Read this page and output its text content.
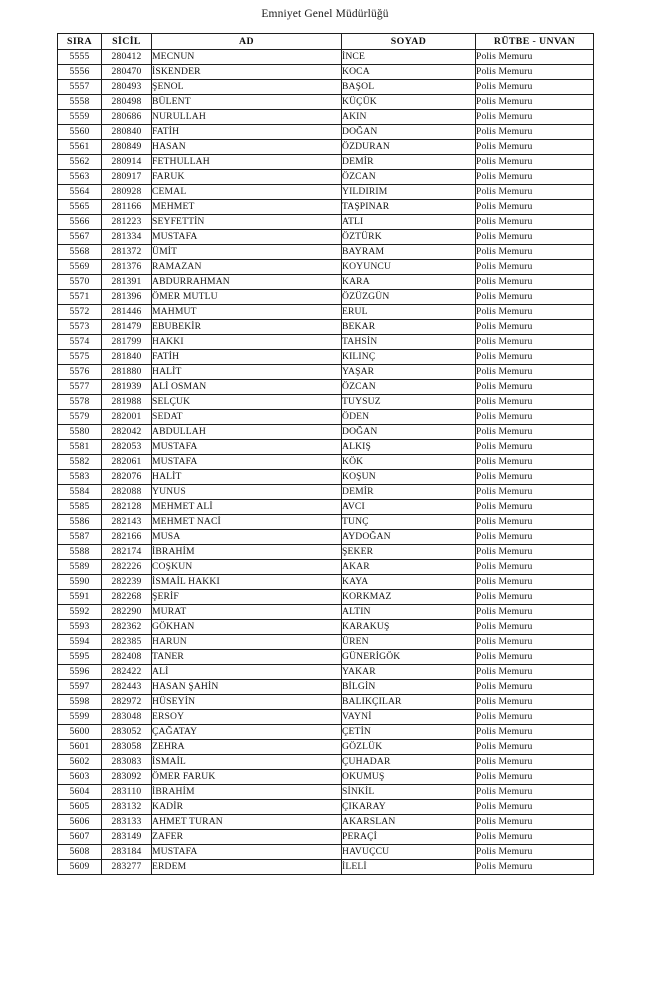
Emniyet Genel Müdürlüğü
SIRA	SİCİL	AD	SOYAD	RÜTBE - UNVAN
5555	280412	MECNUN	İNCE	Polis Memuru
5556	280470	İSKENDER	KOCA	Polis Memuru
5557	280493	ŞENOL	BAŞOL	Polis Memuru
5558	280498	BÜLENT	KÜÇÜK	Polis Memuru
5559	280686	NURULLAH	AKIN	Polis Memuru
5560	280840	FATİH	DOĞAN	Polis Memuru
5561	280849	HASAN	ÖZDURAN	Polis Memuru
5562	280914	FETHULLAH	DEMİR	Polis Memuru
5563	280917	FARUK	ÖZCAN	Polis Memuru
5564	280928	CEMAL	YILDIRIM	Polis Memuru
5565	281166	MEHMET	TAŞPINAR	Polis Memuru
5566	281223	SEYFETTİN	ATLI	Polis Memuru
5567	281334	MUSTAFA	ÖZTÜRK	Polis Memuru
5568	281372	ÜMİT	BAYRAM	Polis Memuru
5569	281376	RAMAZAN	KOYUNCU	Polis Memuru
5570	281391	ABDURRAHMAN	KARA	Polis Memuru
5571	281396	ÖMER MUTLU	ÖZÜZGÜN	Polis Memuru
5572	281446	MAHMUT	ERUL	Polis Memuru
5573	281479	EBUBEKİR	BEKAR	Polis Memuru
5574	281799	HAKKI	TAHSİN	Polis Memuru
5575	281840	FATİH	KILINÇ	Polis Memuru
5576	281880	HALİT	YAŞAR	Polis Memuru
5577	281939	ALİ OSMAN	ÖZCAN	Polis Memuru
5578	281988	SELÇUK	TUYSUZ	Polis Memuru
5579	282001	SEDAT	ÖDEN	Polis Memuru
5580	282042	ABDULLAH	DOĞAN	Polis Memuru
5581	282053	MUSTAFA	ALKIŞ	Polis Memuru
5582	282061	MUSTAFA	KÖK	Polis Memuru
5583	282076	HALİT	KOŞUN	Polis Memuru
5584	282088	YUNUS	DEMİR	Polis Memuru
5585	282128	MEHMET ALİ	AVCI	Polis Memuru
5586	282143	MEHMET NACİ	TUNÇ	Polis Memuru
5587	282166	MUSA	AYDOĞAN	Polis Memuru
5588	282174	İBRAHİM	ŞEKER	Polis Memuru
5589	282226	COŞKUN	AKAR	Polis Memuru
5590	282239	İSMAİL HAKKI	KAYA	Polis Memuru
5591	282268	ŞERİF	KORKMAZ	Polis Memuru
5592	282290	MURAT	ALTIN	Polis Memuru
5593	282362	GÖKHAN	KARAKUŞ	Polis Memuru
5594	282385	HARUN	ÜREN	Polis Memuru
5595	282408	TANER	GÜNERİGÖK	Polis Memuru
5596	282422	ALİ	YAKAR	Polis Memuru
5597	282443	HASAN ŞAHİN	BİLGİN	Polis Memuru
5598	282972	HÜSEYİN	BALIKÇILAR	Polis Memuru
5599	283048	ERSOY	VAYNİ	Polis Memuru
5600	283052	ÇAĞATAY	ÇETİN	Polis Memuru
5601	283058	ZEHRA	GÖZLÜK	Polis Memuru
5602	283083	İSMAİL	ÇUHADAR	Polis Memuru
5603	283092	ÖMER FARUK	OKUMUŞ	Polis Memuru
5604	283110	İBRAHİM	SİNKİL	Polis Memuru
5605	283132	KADİR	ÇIKARAY	Polis Memuru
5606	283133	AHMET TURAN	AKARSLAN	Polis Memuru
5607	283149	ZAFER	PERAÇİ	Polis Memuru
5608	283184	MUSTAFA	HAVUÇCU	Polis Memuru
5609	283277	ERDEM	İLELİ	Polis Memuru
